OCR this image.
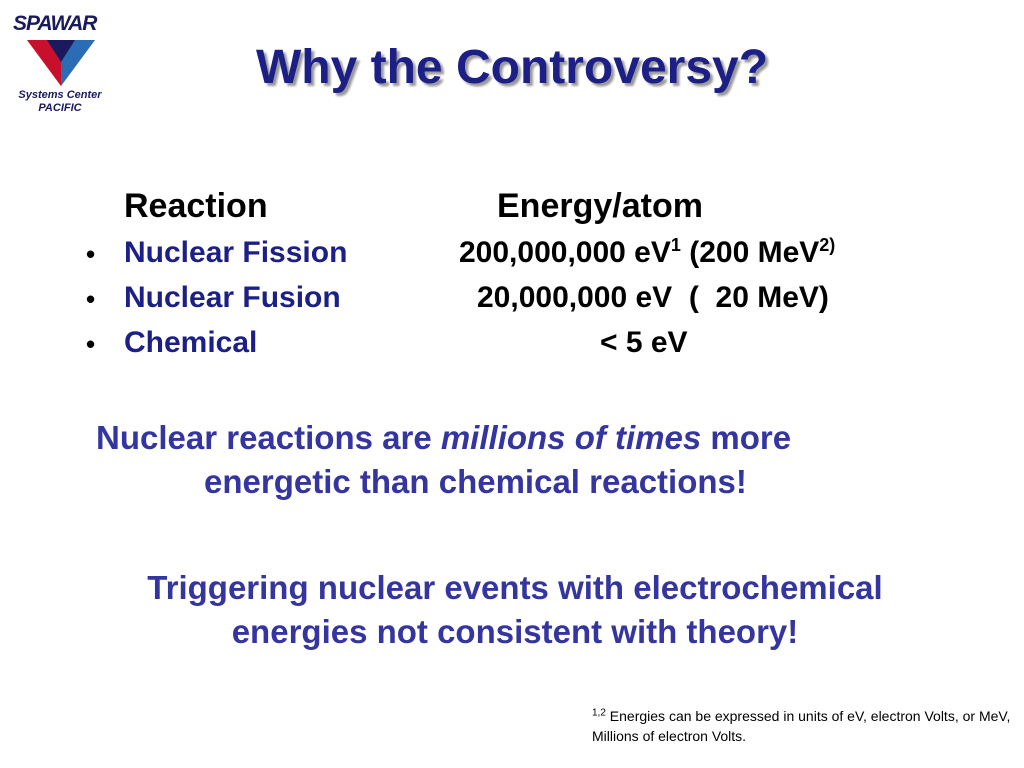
SPAWAR
Systems Center
PACIFIC
Why the Controversy?
Reaction	Energy/atom
• Nuclear Fission	200,000,000 $eV^1$ (200 MeV$^{2)}$
• Nuclear Fusion	20,000,000 eV  (  20 MeV)
• Chemical	< 5 eV
Nuclear reactions are millions of times more
energetic than chemical reactions!
Triggering nuclear events with electrochemical
energies not consistent with theory!
$^{1,2}$ Energies can be expressed in units of eV, electron Volts, or MeV, Millions of electron Volts.
